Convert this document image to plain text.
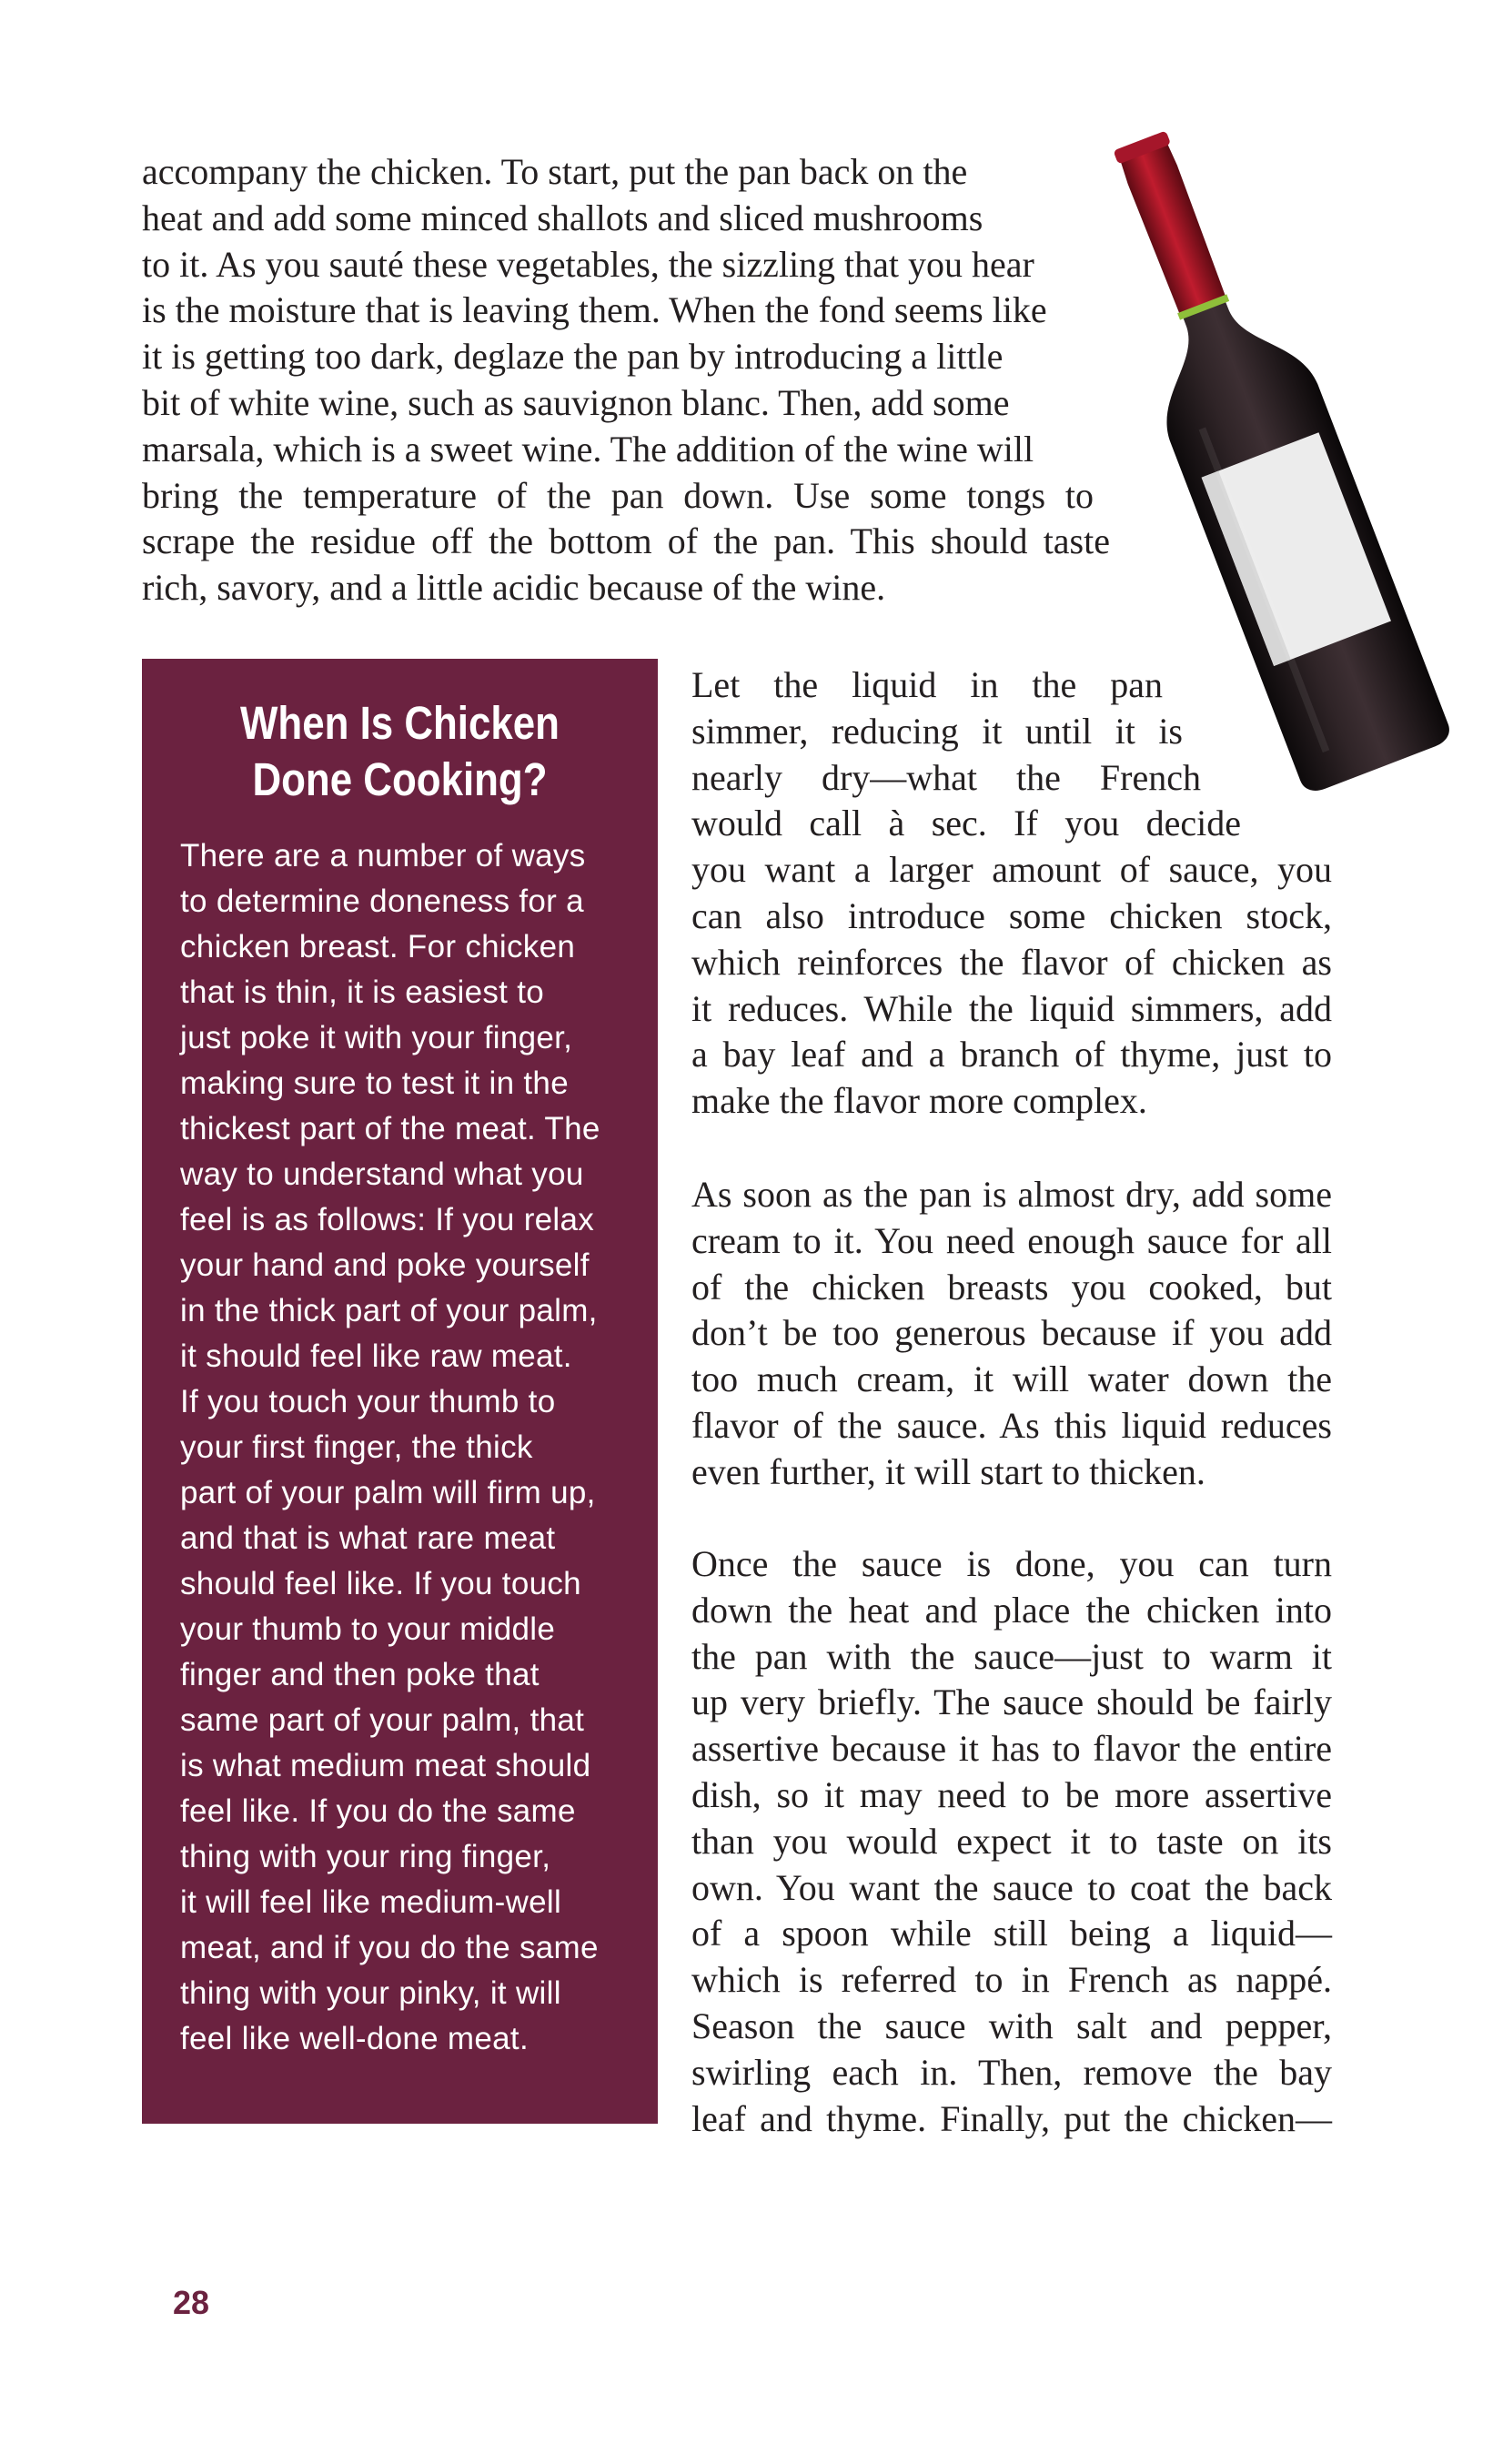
accompany the chicken. To start, put the pan back on the
heat and add some minced shallots and sliced mushrooms
to it. As you sauté these vegetables, the sizzling that you hear
is the moisture that is leaving them. When the fond seems like
it is getting too dark, deglaze the pan by introducing a little
bit of white wine, such as sauvignon blanc. Then, add some
marsala, which is a sweet wine. The addition of the wine will
bring the temperature of the pan down. Use some tongs to
scrape the residue off the bottom of the pan. This should taste
rich, savory, and a little acidic because of the wine.
When Is Chicken
Done Cooking?
There are a number of ways
to determine doneness for a
chicken breast. For chicken
that is thin, it is easiest to
just poke it with your finger,
making sure to test it in the
thickest part of the meat. The
way to understand what you
feel is as follows: If you relax
your hand and poke yourself
in the thick part of your palm,
it should feel like raw meat.
If you touch your thumb to
your first finger, the thick
part of your palm will firm up,
and that is what rare meat
should feel like. If you touch
your thumb to your middle
finger and then poke that
same part of your palm, that
is what medium meat should
feel like. If you do the same
thing with your ring finger,
it will feel like medium-well
meat, and if you do the same
thing with your pinky, it will
feel like well-done meat.
Let the liquid in the pan
simmer, reducing it until it is
nearly dry—what the French
would call à sec. If you decide
you want a larger amount of sauce, you
can also introduce some chicken stock,
which reinforces the flavor of chicken as
it reduces. While the liquid simmers, add
a bay leaf and a branch of thyme, just to
make the flavor more complex.
As soon as the pan is almost dry, add some
cream to it. You need enough sauce for all
of the chicken breasts you cooked, but
don’t be too generous because if you add
too much cream, it will water down the
flavor of the sauce. As this liquid reduces
even further, it will start to thicken.
Once the sauce is done, you can turn
down the heat and place the chicken into
the pan with the sauce—just to warm it
up very briefly. The sauce should be fairly
assertive because it has to flavor the entire
dish, so it may need to be more assertive
than you would expect it to taste on its
own. You want the sauce to coat the back
of a spoon while still being a liquid—
which is referred to in French as nappé.
Season the sauce with salt and pepper,
swirling each in. Then, remove the bay
leaf and thyme. Finally, put the chicken—
28
